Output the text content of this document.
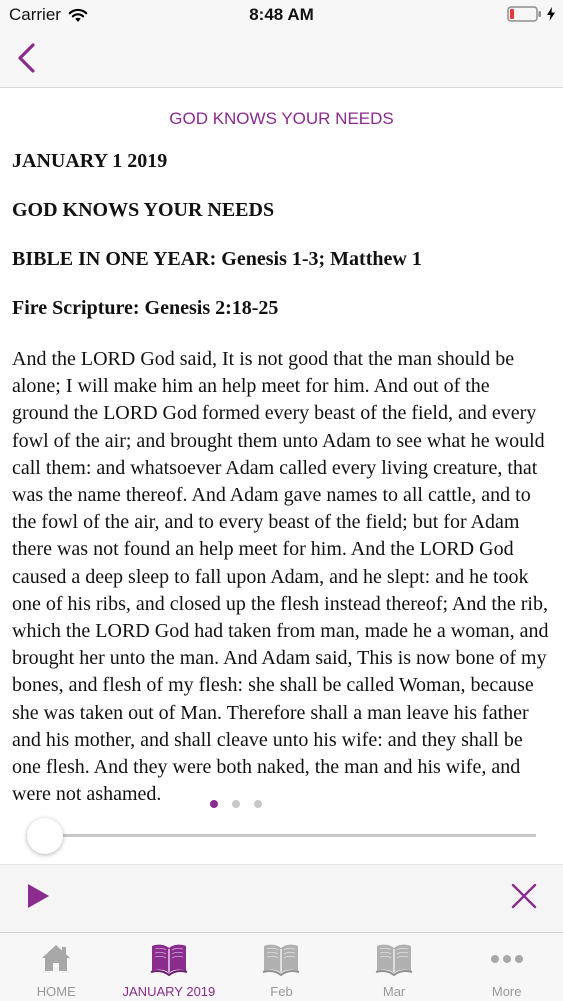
Carrier	8:48 AM
GOD KNOWS YOUR NEEDS

JANUARY 1 2019

GOD KNOWS YOUR NEEDS

BIBLE IN ONE YEAR: Genesis 1-3; Matthew 1

Fire Scripture: Genesis 2:18-25

And the LORD God said, It is not good that the man should be alone; I will make him an help meet for him. And out of the ground the LORD God formed every beast of the field, and every fowl of the air; and brought them unto Adam to see what he would call them: and whatsoever Adam called every living creature, that was the name thereof. And Adam gave names to all cattle, and to the fowl of the air, and to every beast of the field; but for Adam there was not found an help meet for him. And the LORD God caused a deep sleep to fall upon Adam, and he slept: and he took one of his ribs, and closed up the flesh instead thereof; And the rib, which the LORD God had taken from man, made he a woman, and brought her unto the man. And Adam said, This is now bone of my bones, and flesh of my flesh: she shall be called Woman, because she was taken out of Man. Therefore shall a man leave his father and his mother, and shall cleave unto his wife: and they shall be one flesh. And they were both naked, the man and his wife, and were not ashamed.

HOME	JANUARY 2019	Feb	Mar	More
